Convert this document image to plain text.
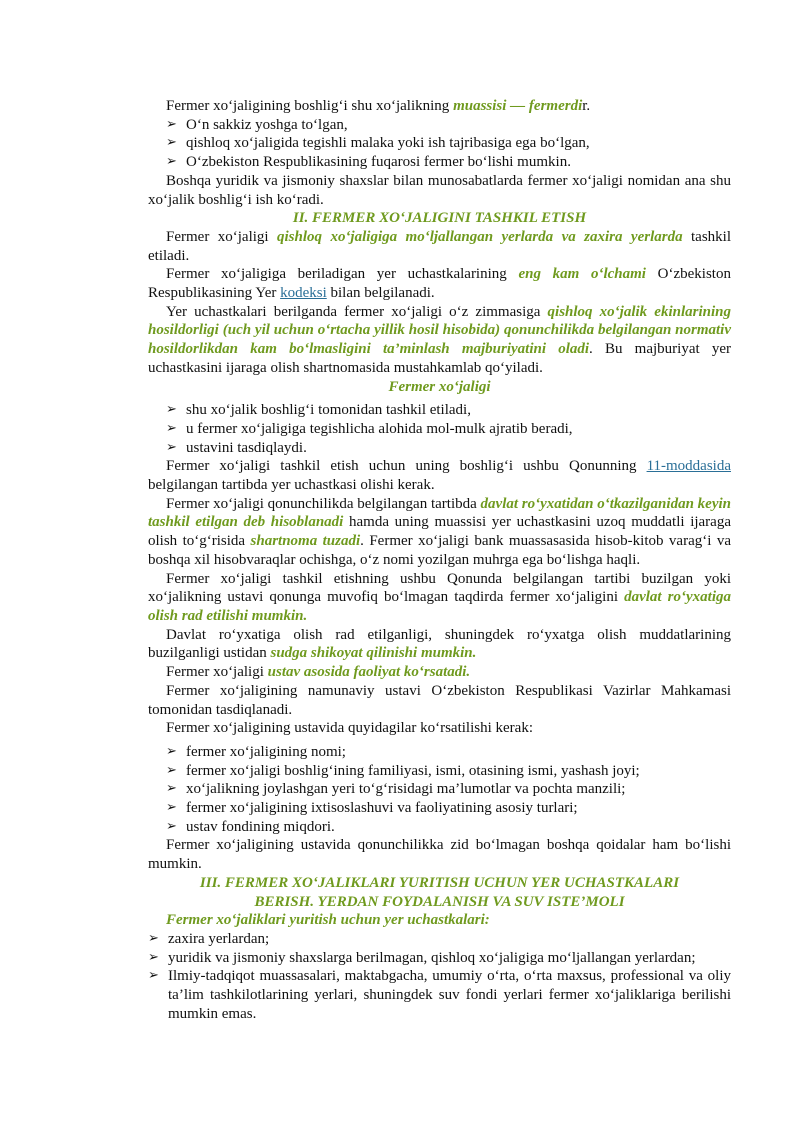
Fermer xo‘jaligining boshlig‘i shu xo‘jalikning muassisi — fermerdir.

➢ O‘n sakkiz yoshga to‘lgan,
➢ qishloq xo‘jaligida tegishli malaka yoki ish tajribasiga ega bo‘lgan,
➢ O‘zbekiston Respublikasining fuqarosi fermer bo‘lishi mumkin.

Boshqa yuridik va jismoniy shaxslar bilan munosabatlarda fermer xo‘jaligi nomidan ana shu xo‘jalik boshlig‘i ish ko‘radi.

II. FERMER XO‘JALIGINI TASHKIL ETISH

Fermer xo‘jaligi qishloq xo‘jaligiga mo‘ljallangan yerlarda va zaxira yerlarda tashkil etiladi.

Fermer xo‘jaligiga beriladigan yer uchastkalarining eng kam o‘lchami O‘zbekiston Respublikasining Yer kodeksi bilan belgilanadi.

Yer uchastkalari berilganda fermer xo‘jaligi o‘z zimmasiga qishloq xo‘jalik ekinlarining hosildorligi (uch yil uchun o‘rtacha yillik hosil hisobida) qonunchilikda belgilangan normativ hosildorlikdan kam bo‘lmasligini ta’minlash majburiyatini oladi. Bu majburiyat yer uchastkasini ijaraga olish shartnomasida mustahkamlab qo‘yiladi.

Fermer xo‘jaligi
➢ shu xo‘jalik boshlig‘i tomonidan tashkil etiladi,
➢ u fermer xo‘jaligiga tegishlicha alohida mol-mulk ajratib beradi,
➢ ustavini tasdiqlaydi.

Fermer xo‘jaligi tashkil etish uchun uning boshlig‘i ushbu Qonunning 11-moddasida belgilangan tartibda yer uchastkasi olishi kerak.

Fermer xo‘jaligi qonunchilikda belgilangan tartibda davlat ro‘yxatidan o‘tkazilganidan keyin tashkil etilgan deb hisoblanadi hamda uning muassisi yer uchastkasini uzoq muddatli ijaraga olish to‘g‘risida shartnoma tuzadi. Fermer xo‘jaligi bank muassasasida hisob-kitob varag‘i va boshqa xil hisobvaraqlar ochishga, o‘z nomi yozilgan muhrga ega bo‘lishga haqli.

Fermer xo‘jaligi tashkil etishning ushbu Qonunda belgilangan tartibi buzilgan yoki xo‘jalikning ustavi qonunga muvofiq bo‘lmagan taqdirda fermer xo‘jaligini davlat ro‘yxatiga olish rad etilishi mumkin.

Davlat ro‘yxatiga olish rad etilganligi, shuningdek ro‘yxatga olish muddatlarining buzilganligi ustidan sudga shikoyat qilinishi mumkin.

Fermer xo‘jaligi ustav asosida faoliyat ko‘rsatadi.

Fermer xo‘jaligining namunaviy ustavi O‘zbekiston Respublikasi Vazirlar Mahkamasi tomonidan tasdiqlanadi.

Fermer xo‘jaligining ustavida quyidagilar ko‘rsatilishi kerak:

➢ fermer xo‘jaligining nomi;
➢ fermer xo‘jaligi boshlig‘ining familiyasi, ismi, otasining ismi, yashash joyi;
➢ xo‘jalikning joylashgan yeri to‘g‘risidagi ma’lumotlar va pochta manzili;
➢ fermer xo‘jaligining ixtisoslashuvi va faoliyatining asosiy turlari;
➢ ustav fondining miqdori.

Fermer xo‘jaligining ustavida qonunchilikka zid bo‘lmagan boshqa qoidalar ham bo‘lishi mumkin.

III. FERMER XO‘JALIKLARI YURITISH UCHUN YER UCHASTKALARI
BERISH. YERDAN FOYDALANISH VA SUV ISTE’MOLI

Fermer xo‘jaliklari yuritish uchun yer uchastkalari:

➢ zaxira yerlardan;
➢ yuridik va jismoniy shaxslarga berilmagan, qishloq xo‘jaligiga mo‘ljallangan yerlardan;
➢ Ilmiy-tadqiqot muassasalari, maktabgacha, umumiy o‘rta, o‘rta maxsus, professional va oliy ta’lim tashkilotlarining yerlari, shuningdek suv fondi yerlari fermer xo‘jaliklariga berilishi mumkin emas.
